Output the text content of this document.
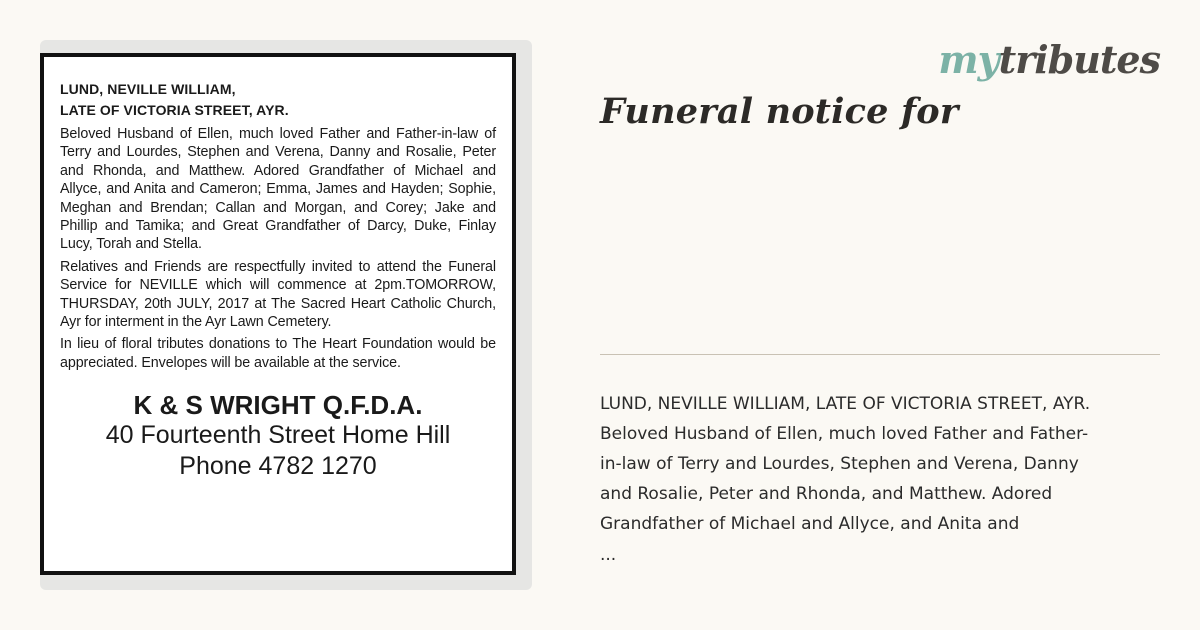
LUND, NEVILLE WILLIAM,

LATE OF VICTORIA STREET, AYR.

Beloved Husband of Ellen, much loved Father and Father-in-law of Terry and Lourdes, Stephen and Verena, Danny and Rosalie, Peter and Rhonda, and Matthew. Adored Grandfather of Michael and Allyce, and Anita and Cameron; Emma, James and Hayden; Sophie, Meghan and Brendan; Callan and Morgan, and Corey; Jake and Phillip and Tamika; and Great Grandfather of Darcy, Duke, Finlay Lucy, Torah and Stella.

Relatives and Friends are respectfully invited to attend the Funeral Service for NEVILLE which will commence at 2pm.TOMORROW, THURSDAY, 20th JULY, 2017 at The Sacred Heart Catholic Church, Ayr for interment in the Ayr Lawn Cemetery.

In lieu of floral tributes donations to The Heart Foundation would be appreciated. Envelopes will be available at the service.

K & S WRIGHT Q.F.D.A.
40 Fourteenth Street Home Hill
Phone 4782 1270
mytributes
Funeral notice for
LUND, NEVILLE WILLIAM, LATE OF VICTORIA STREET, AYR.
Beloved Husband of Ellen, much loved Father and Father-
in-law of Terry and Lourdes, Stephen and Verena, Danny
and Rosalie, Peter and Rhonda, and Matthew. Adored
Grandfather of Michael and Allyce, and Anita and
...
